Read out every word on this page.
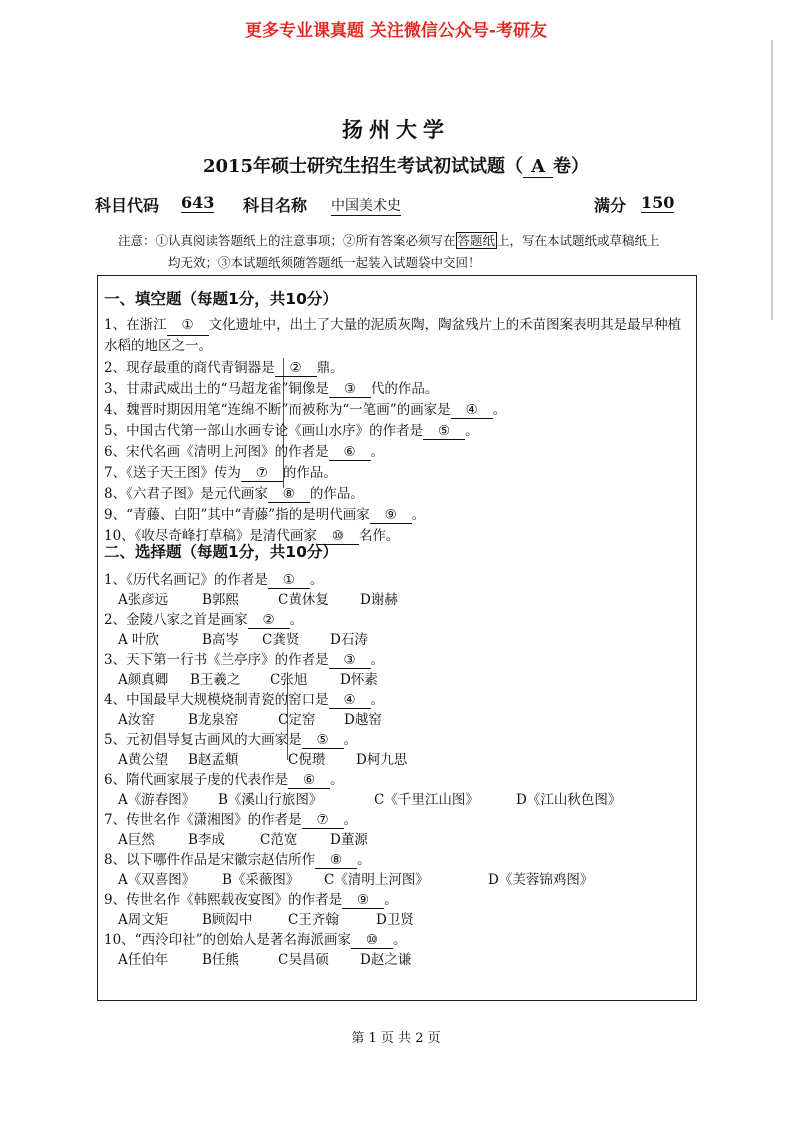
更多专业课真题 关注微信公众号-考研友
扬州大学
2015年硕士研究生招生考试初试试题（ A 卷）
科目代码 643 科目名称 中国美术史	满分 150
注意：①认真阅读答题纸上的注意事项；②所有答案必须写在 答题纸 上，写在本试题纸或草稿纸上
均无效；③本试题纸须随答题纸一起装入试题袋中交回！
一、填空题（每题1分，共10分）
1、在浙江 ① 文化遗址中，出土了大量的泥质灰陶，陶盆残片上的禾苗图案表明其是最早种植水稻的地区之一。
2、现存最重的商代青铜器是 ② 鼎。
3、甘肃武威出土的“马超龙雀”铜像是 ③ 代的作品。
4、魏晋时期因用笔“连绵不断”而被称为“一笔画”的画家是 ④ 。
5、中国古代第一部山水画专论《画山水序》的作者是 ⑤ 。
6、宋代名画《清明上河图》的作者是 ⑥ 。
7、《送子天王图》传为 ⑦ 的作品。
8、《六君子图》是元代画家 ⑧ 的作品。
9、“青藤、白阳”其中“青藤”指的是明代画家 ⑨ 。
10、《收尽奇峰打草稿》是清代画家 ⑩ 名作。
二、选择题（每题1分，共10分）
1、《历代名画记》的作者是 ① 。
A张彦远	B郭熙	C黄休复 D谢赫
2、金陵八家之首是画家 ② 。
A 叶欣	B高岑 C龚贤 D石涛
3、天下第一行书《兰亭序》的作者是 ③ 。
A颜真卿 B王羲之 C张旭 D怀素
4、中国最早大规模烧制青瓷的窑口是 ④ 。
A汝窑 B龙泉窑	C定窑 D越窑
5、元初倡导复古画风的大画家是 ⑤ 。
A黄公望 B赵孟頫	C倪瓒 D柯九思
6、隋代画家展子虔的代表作是 ⑥ 。
A《游春图》 B《溪山行旅图》	C《千里江山图》	D《江山秋色图》
7、传世名作《潇湘图》的作者是 ⑦ 。
A巨然 B李成	C范宽 D董源
8、以下哪件作品是宋徽宗赵佶所作 ⑧ 。
A《双喜图》 B《采薇图》 C《清明上河图》	D《芙蓉锦鸡图》
9、传世名作《韩熙载夜宴图》的作者是 ⑨ 。
A周文矩	B顾闳中	C王齐翰	D卫贤
10、“西泠印社”的创始人是著名海派画家 ⑩ 。
A任伯年	B任熊	C吴昌硕 D赵之谦
第 1 页 共 2 页
